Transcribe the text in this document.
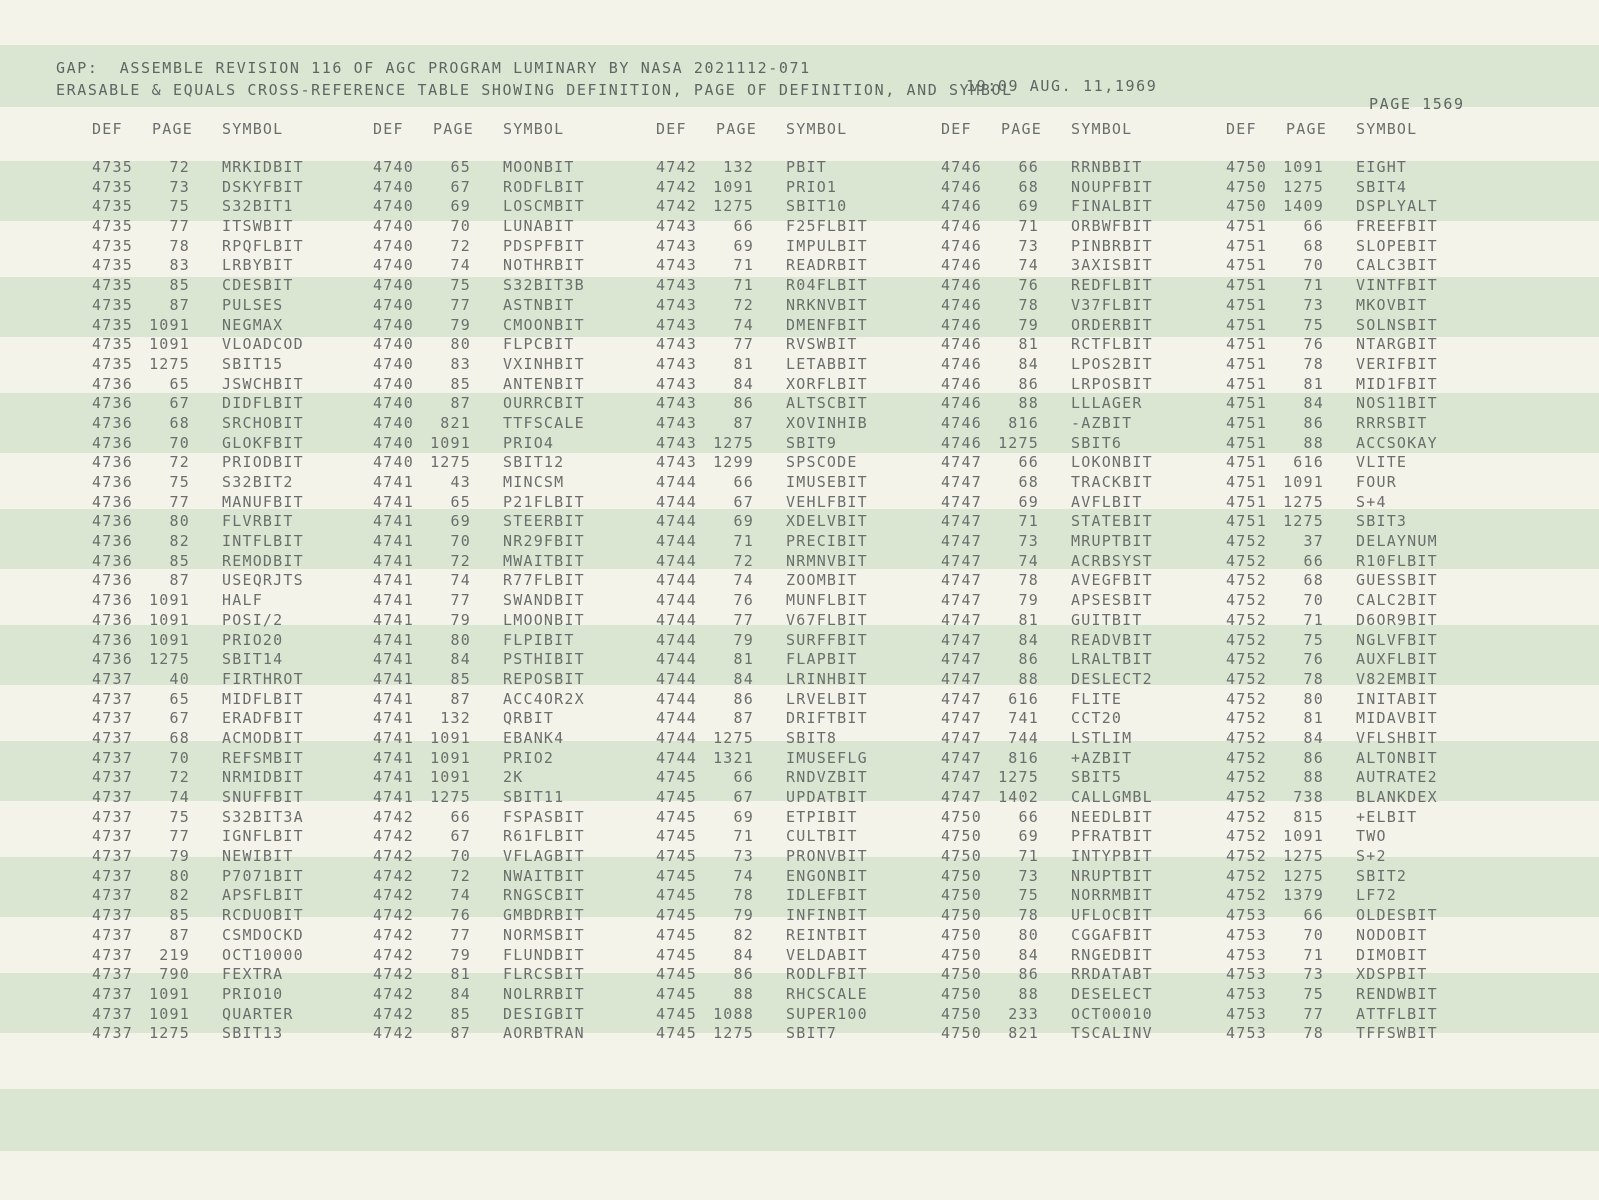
GAP:  ASSEMBLE REVISION 116 OF AGC PROGRAM LUMINARY BY NASA 2021112-071

19:09 AUG. 11,1969

PAGE 1569

ERASABLE & EQUALS CROSS-REFERENCE TABLE SHOWING DEFINITION, PAGE OF DEFINITION, AND SYMBOL
DEF PAGE SYMBOL
4735	72 MRKIDBIT
4735	73 DSKYFBIT
4735	75 S32BIT1
4735	77 ITSWBIT
4735	78 RPQFLBIT
4735	83 LRBYBIT
4735	85 CDESBIT
4735	87 PULSES
4735	1091 NEGMAX
4735	1091 VLOADCOD
4735	1275 SBIT15
4736	65 JSWCHBIT
4736	67 DIDFLBIT
4736	68 SRCHOBIT
4736	70 GLOKFBIT
4736	72 PRIODBIT
4736	75 S32BIT2
4736	77 MANUFBIT
4736	80 FLVRBIT
4736	82 INTFLBIT
4736	85 REMODBIT
4736	87 USEQRJTS
4736	1091 HALF
4736	1091 POSI/2
4736	1091 PRIO20
4736	1275 SBIT14
4737	40 FIRTHROT
4737	65 MIDFLBIT
4737	67 ERADFBIT
4737	68 ACMODBIT
4737	70 REFSMBIT
4737	72 NRMIDBIT
4737	74 SNUFFBIT
4737	75 S32BIT3A
4737	77 IGNFLBIT
4737	79 NEWIBIT
4737	80 P7071BIT
4737	82 APSFLBIT
4737	85 RCDUOBIT
4737	87 CSMDOCKD
4737	219 OCT10000
4737	790 FEXTRA
4737	1091 PRIO10
4737	1091 QUARTER
4737	1275 SBIT13
DEF PAGE SYMBOL
4740	65 MOONBIT
4740	67 RODFLBIT
4740	69 LOSCMBIT
4740	70 LUNABIT
4740	72 PDSPFBIT
4740	74 NOTHRBIT
4740	75 S32BIT3B
4740	77 ASTNBIT
4740	79 CMOONBIT
4740	80 FLPCBIT
4740	83 VXINHBIT
4740	85 ANTENBIT
4740	87 OURRCBIT
4740	821 TTFSCALE
4740	1091 PRIO4
4740	1275 SBIT12
4741	43 MINCSM
4741	65 P21FLBIT
4741	69 STEERBIT
4741	70 NR29FBIT
4741	72 MWAITBIT
4741	74 R77FLBIT
4741	77 SWANDBIT
4741	79 LMOONBIT
4741	80 FLPIBIT
4741	84 PSTHIBIT
4741	85 REPOSBIT
4741	87 ACC4OR2X
4741	132 QRBIT
4741	1091 EBANK4
4741	1091 PRIO2
4741	1091 2K
4741	1275 SBIT11
4742	66 FSPASBIT
4742	67 R61FLBIT
4742	70 VFLAGBIT
4742	72 NWAITBIT
4742	74 RNGSCBIT
4742	76 GMBDRBIT
4742	77 NORMSBIT
4742	79 FLUNDBIT
4742	81 FLRCSBIT
4742	84 NOLRRBIT
4742	85 DESIGBIT
4742	87 AORBTRAN
DEF PAGE SYMBOL
4742	132 PBIT
4742	1091 PRIO1
4742	1275 SBIT10
4743	66 F25FLBIT
4743	69 IMPULBIT
4743	71 READRBIT
4743	71 R04FLBIT
4743	72 NRKNVBIT
4743	74 DMENFBIT
4743	77 RVSWBIT
4743	81 LETABBIT
4743	84 XORFLBIT
4743	86 ALTSCBIT
4743	87 XOVINHIB
4743	1275 SBIT9
4743	1299 SPSCODE
4744	66 IMUSEBIT
4744	67 VEHLFBIT
4744	69 XDELVBIT
4744	71 PRECIBIT
4744	72 NRMNVBIT
4744	74 ZOOMBIT
4744	76 MUNFLBIT
4744	77 V67FLBIT
4744	79 SURFFBIT
4744	81 FLAPBIT
4744	84 LRINHBIT
4744	86 LRVELBIT
4744	87 DRIFTBIT
4744	1275 SBIT8
4744	1321 IMUSEFLG
4745	66 RNDVZBIT
4745	67 UPDATBIT
4745	69 ETPIBIT
4745	71 CULTBIT
4745	73 PRONVBIT
4745	74 ENGONBIT
4745	78 IDLEFBIT
4745	79 INFINBIT
4745	82 REINTBIT
4745	84 VELDABIT
4745	86 RODLFBIT
4745	88 RHCSCALE
4745	1088 SUPER100
4745	1275 SBIT7
DEF PAGE SYMBOL
4746	66 RRNBBIT
4746	68 NOUPFBIT
4746	69 FINALBIT
4746	71 ORBWFBIT
4746	73 PINBRBIT
4746	74 3AXISBIT
4746	76 REDFLBIT
4746	78 V37FLBIT
4746	79 ORDERBIT
4746	81 RCTFLBIT
4746	84 LPOS2BIT
4746	86 LRPOSBIT
4746	88 LLLAGER
4746	816 -AZBIT
4746	1275 SBIT6
4747	66 LOKONBIT
4747	68 TRACKBIT
4747	69 AVFLBIT
4747	71 STATEBIT
4747	73 MRUPTBIT
4747	74 ACRBSYST
4747	78 AVEGFBIT
4747	79 APSESBIT
4747	81 GUITBIT
4747	84 READVBIT
4747	86 LRALTBIT
4747	88 DESLECT2
4747	616 FLITE
4747	741 CCT20
4747	744 LSTLIM
4747	816 +AZBIT
4747	1275 SBIT5
4747	1402 CALLGMBL
4750	66 NEEDLBIT
4750	69 PFRATBIT
4750	71 INTYPBIT
4750	73 NRUPTBIT
4750	75 NORRMBIT
4750	78 UFLOCBIT
4750	80 CGGAFBIT
4750	84 RNGEDBIT
4750	86 RRDATABT
4750	88 DESELECT
4750	233 OCT00010
4750	821 TSCALINV
DEF PAGE SYMBOL
4750	1091 EIGHT
4750	1275 SBIT4
4750	1409 DSPLYALT
4751	66 FREEFBIT
4751	68 SLOPEBIT
4751	70 CALC3BIT
4751	71 VINTFBIT
4751	73 MKOVBIT
4751	75 SOLNSBIT
4751	76 NTARGBIT
4751	78 VERIFBIT
4751	81 MID1FBIT
4751	84 NOS11BIT
4751	86 RRRSBIT
4751	88 ACCSOKAY
4751	616 VLITE
4751	1091 FOUR
4751	1275 S+4
4751	1275 SBIT3
4752	37 DELAYNUM
4752	66 R10FLBIT
4752	68 GUESSBIT
4752	70 CALC2BIT
4752	71 D6OR9BIT
4752	75 NGLVFBIT
4752	76 AUXFLBIT
4752	78 V82EMBIT
4752	80 INITABIT
4752	81 MIDAVBIT
4752	84 VFLSHBIT
4752	86 ALTONBIT
4752	88 AUTRATE2
4752	738 BLANKDEX
4752	815 +ELBIT
4752	1091 TWO
4752	1275 S+2
4752	1275 SBIT2
4752	1379 LF72
4753	66 OLDESBIT
4753	70 NODOBIT
4753	71 DIMOBIT
4753	73 XDSPBIT
4753	75 RENDWBIT
4753	77 ATTFLBIT
4753	78 TFFSWBIT
